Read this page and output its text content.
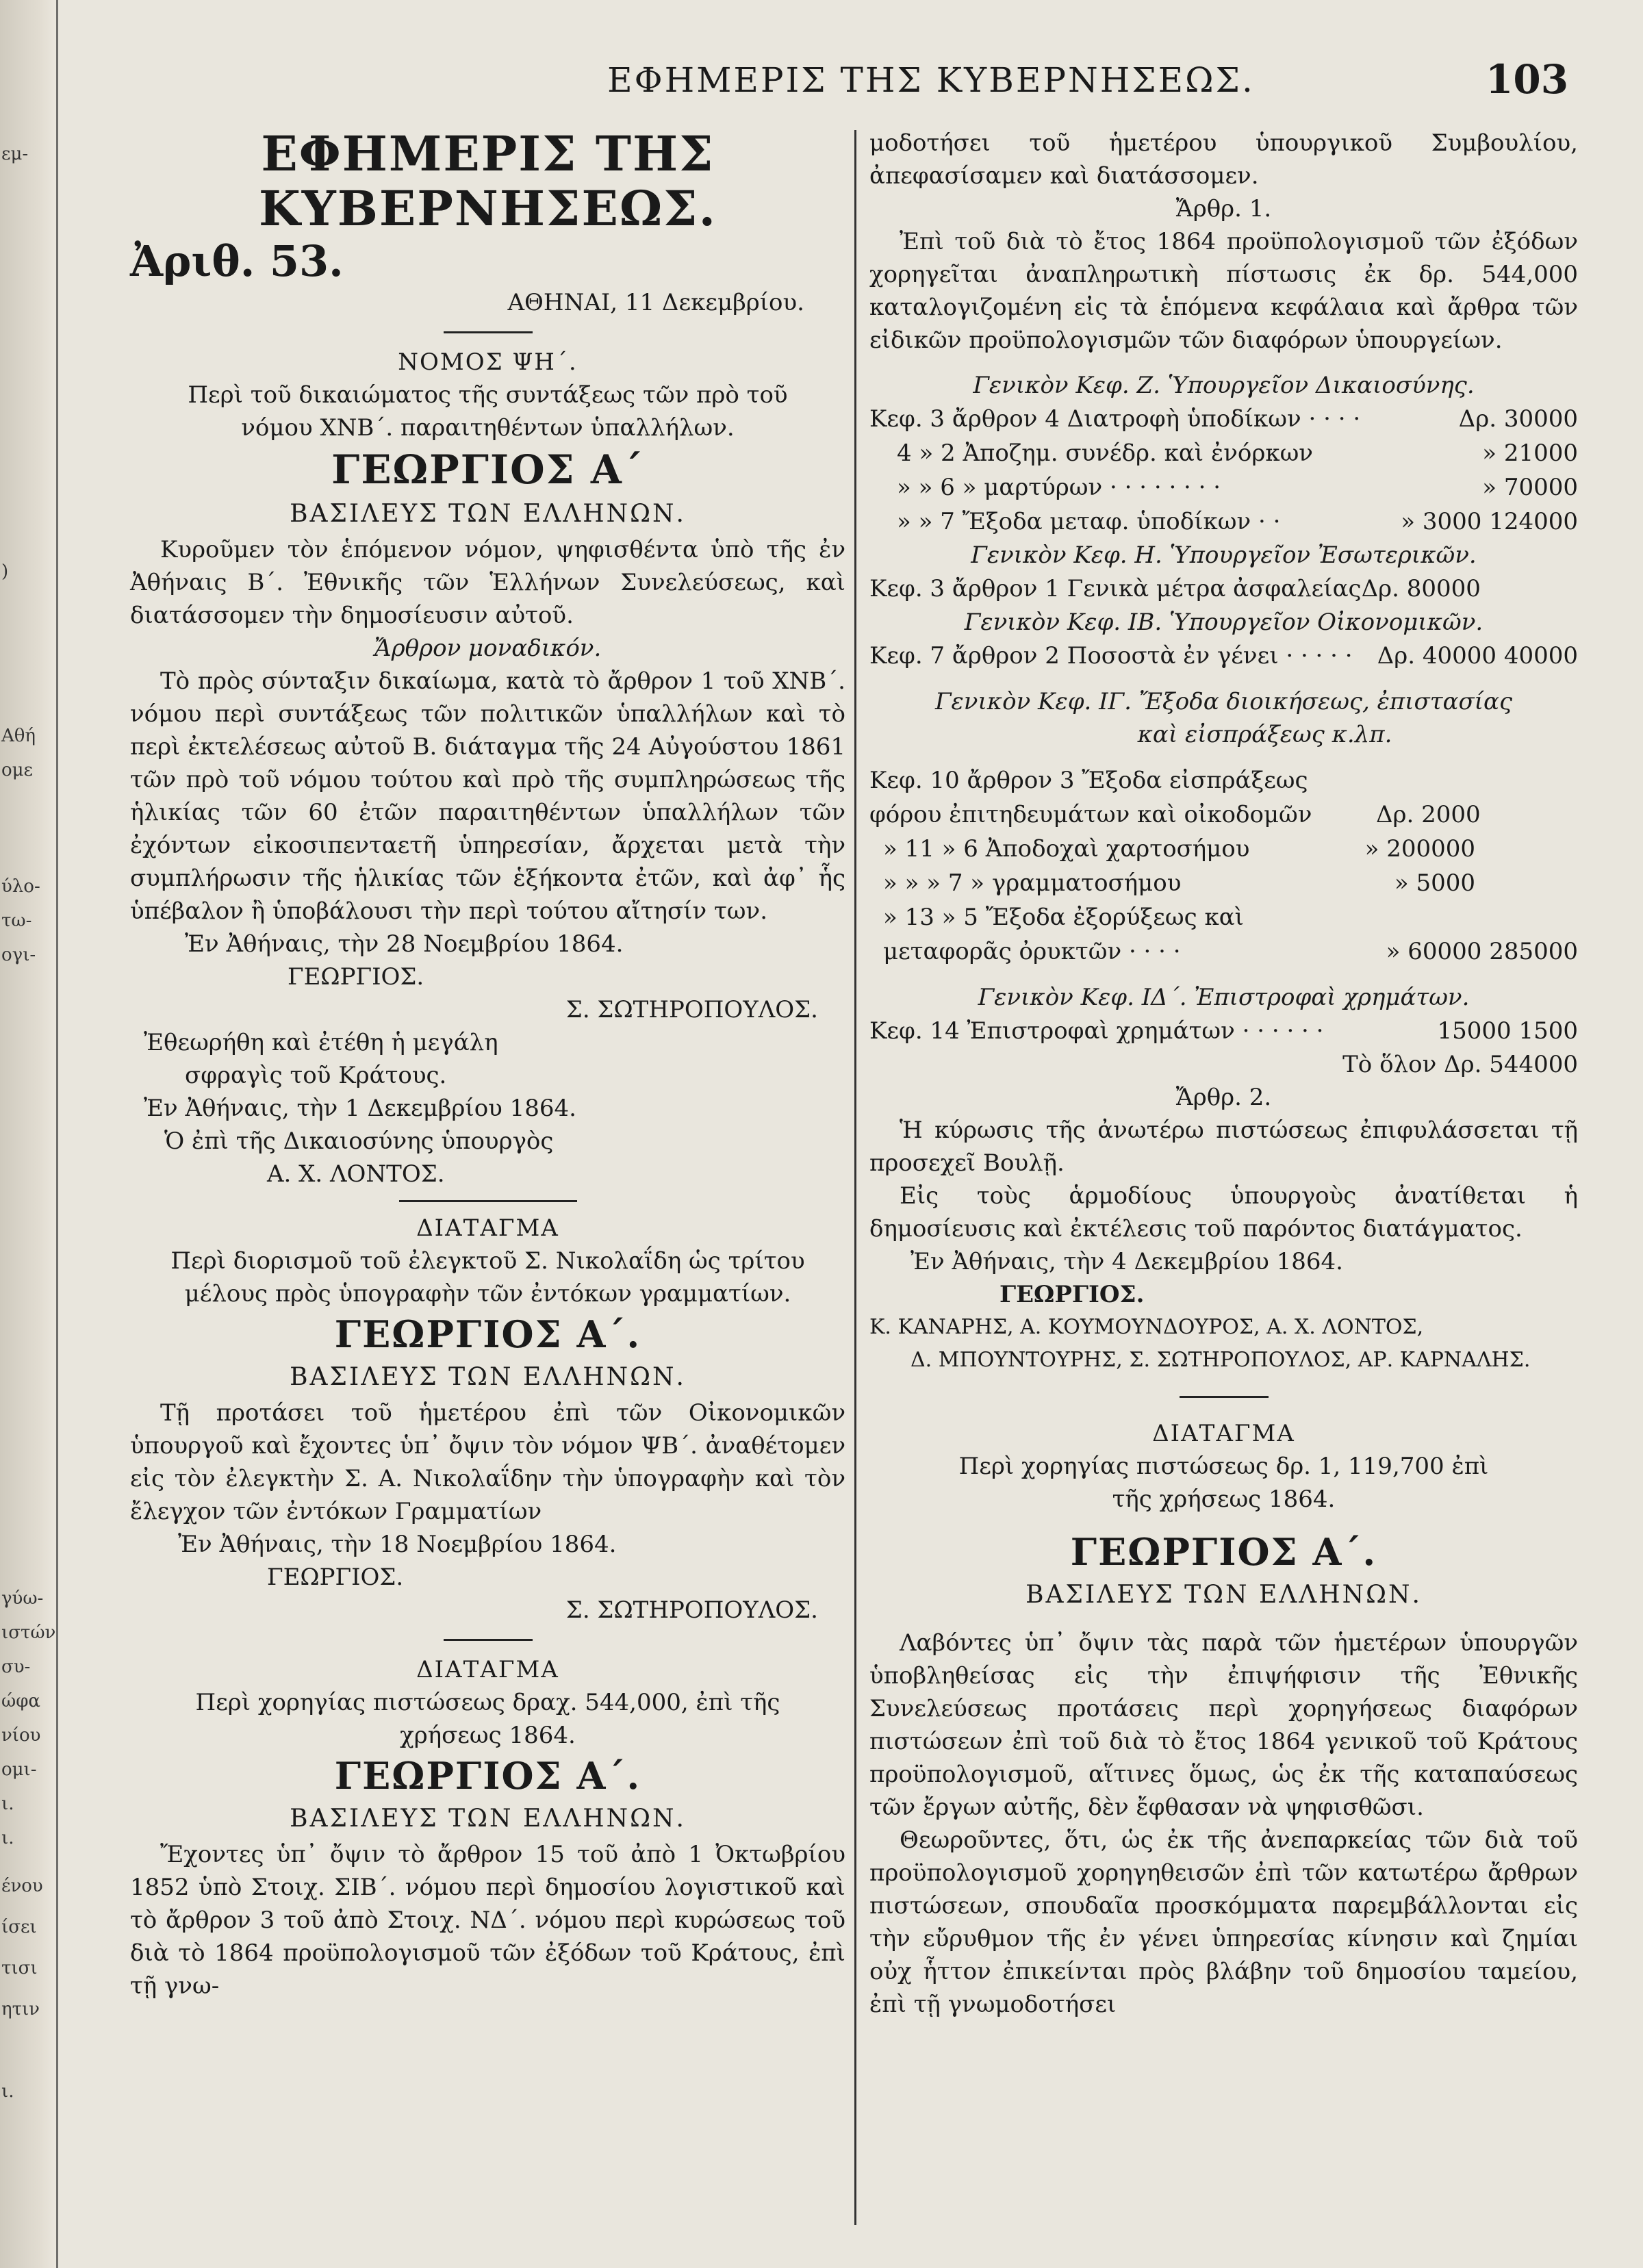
εμ-
)
Αθή
ομε
ύλο-
τω-
ογι-
γύω-
ιστών
συ-
ώφα
νίου
ομι-
ι.
ι.
ένου
ίσει
τισι
ητιν
ι.
ΕΦΗΜΕΡΙΣ ΤΗΣ ΚΥΒΕΡΝΗΣΕΩΣ.	103
ΕΦΗΜΕΡΙΣ ΤΗΣ ΚΥΒΕΡΝΗΣΕΩΣ.
Ἀριθ. 53.
ΑΘΗΝΑΙ, 11 Δεκεμβρίου.
ΝΟΜΟΣ ΨΗ΄.
Περὶ τοῦ δικαιώματος τῆς συντάξεως τῶν πρὸ τοῦ νόμου ΧΝΒ΄. παραιτηθέντων ὑπαλλήλων.
ΓΕΩΡΓΙΟΣ Α΄
ΒΑΣΙΛΕΥΣ ΤΩΝ ΕΛΛΗΝΩΝ.

Κυροῦμεν τὸν ἑπόμενον νόμον, ψηφισθέντα ὑπὸ τῆς ἐν Ἀθήναις Β΄. Ἐθνικῆς τῶν Ἑλλήνων Συνελεύσεως, καὶ διατάσσομεν τὴν δημοσίευσιν αὐτοῦ.

Ἄρθρον μοναδικόν.

Τὸ πρὸς σύνταξιν δικαίωμα, κατὰ τὸ ἄρθρον 1 τοῦ ΧΝΒ΄. νόμου περὶ συντάξεως τῶν πολιτικῶν ὑπαλλήλων καὶ τὸ περὶ ἐκτελέσεως αὐτοῦ Β. διάταγμα τῆς 24 Αὐγούστου 1861 τῶν πρὸ τοῦ νόμου τούτου καὶ πρὸ τῆς συμπληρώσεως τῆς ἡλικίας τῶν 60 ἐτῶν παραιτηθέντων ὑπαλλήλων τῶν ἐχόντων εἰκοσιπενταετῆ ὑπηρεσίαν, ἄρχεται μετὰ τὴν συμπλήρωσιν τῆς ἡλικίας τῶν ἑξήκοντα ἐτῶν, καὶ ἀφ᾿ ἧς ὑπέβαλον ἢ ὑποβάλουσι τὴν περὶ τούτου αἴτησίν των.

Ἐν Ἀθήναις, τὴν 28 Νοεμβρίου 1864.
ΓΕΩΡΓΙΟΣ.
Σ. ΣΩΤΗΡΟΠΟΥΛΟΣ.
Ἐθεωρήθη καὶ ἐτέθη ἡ μεγάλη
σφραγὶς τοῦ Κράτους.
Ἐν Ἀθήναις, τὴν 1 Δεκεμβρίου 1864.
Ὁ ἐπὶ τῆς Δικαιοσύνης ὑπουργὸς
Α. Χ. ΛΟΝΤΟΣ.
ΔΙΑΤΑΓΜΑ
Περὶ διορισμοῦ τοῦ ἐλεγκτοῦ Σ. Νικολαΐδη ὡς τρίτου μέλους πρὸς ὑπογραφὴν τῶν ἐντόκων γραμματίων.
ΓΕΩΡΓΙΟΣ Α΄.
ΒΑΣΙΛΕΥΣ ΤΩΝ ΕΛΛΗΝΩΝ.

Τῇ προτάσει τοῦ ἡμετέρου ἐπὶ τῶν Οἰκονομικῶν ὑπουργοῦ καὶ ἔχοντες ὑπ᾿ ὄψιν τὸν νόμον ΨΒ΄. ἀναθέτομεν εἰς τὸν ἐλεγκτὴν Σ. Α. Νικολαΐδην τὴν ὑπογραφὴν καὶ τὸν ἔλεγχον τῶν ἐντόκων Γραμματίων

Ἐν Ἀθήναις, τὴν 18 Νοεμβρίου 1864.
ΓΕΩΡΓΙΟΣ.
Σ. ΣΩΤΗΡΟΠΟΥΛΟΣ.
ΔΙΑΤΑΓΜΑ
Περὶ χορηγίας πιστώσεως δραχ. 544,000, ἐπὶ τῆς χρήσεως 1864.
ΓΕΩΡΓΙΟΣ Α΄.
ΒΑΣΙΛΕΥΣ ΤΩΝ ΕΛΛΗΝΩΝ.

Ἔχοντες ὑπ᾿ ὄψιν τὸ ἄρθρον 15 τοῦ ἀπὸ 1 Ὀκτωβρίου 1852 ὑπὸ Στοιχ. ΣΙΒ΄. νόμου περὶ δημοσίου λογιστικοῦ καὶ τὸ ἄρθρον 3 τοῦ ἀπὸ Στοιχ. ΝΔ΄. νόμου περὶ κυρώσεως τοῦ διὰ τὸ 1864 προϋπολογισμοῦ τῶν ἐξόδων τοῦ Κράτους, ἐπὶ τῇ γνω-

μοδοτήσει τοῦ ἡμετέρου ὑπουργικοῦ Συμβουλίου, ἀπεφασίσαμεν καὶ διατάσσομεν.

Ἄρθρ. 1.

Ἐπὶ τοῦ διὰ τὸ ἔτος 1864 προϋπολογισμοῦ τῶν ἐξόδων χορηγεῖται ἀναπληρωτικὴ πίστωσις ἐκ δρ. 544,000 καταλογιζομένη εἰς τὰ ἑπόμενα κεφάλαια καὶ ἄρθρα τῶν εἰδικῶν προϋπολογισμῶν τῶν διαφόρων ὑπουργείων.

Γενικὸν Κεφ. Ζ. Ὑπουργεῖον Δικαιοσύνης.
Κεφ. 3 ἄρθρον 4 Διατροφὴ ὑποδίκων · · · ·	Δρ. 30000
4 » 2 Ἀποζημ. συνέδρ. καὶ ἐνόρκων	» 21000
» » 6 » μαρτύρων · · · · · · · ·	» 70000
» » 7 Ἔξοδα μεταφ. ὑποδίκων · ·	» 3000 124000
Γενικὸν Κεφ. Η. Ὑπουργεῖον Ἐσωτερικῶν.
Κεφ. 3 ἄρθρον 1 Γενικὰ μέτρα ἀσφαλείας Δρ. 80000
Γενικὸν Κεφ. ΙΒ. Ὑπουργεῖον Οἰκονομικῶν.
Κεφ. 7 ἄρθρον 2 Ποσοστὰ ἐν γένει · · · · · Δρ. 40000 40000
Γενικὸν Κεφ. ΙΓ. Ἔξοδα διοικήσεως, ἐπιστασίας
καὶ εἰσπράξεως κ.λπ.
Κεφ. 10 ἄρθρον 3 Ἔξοδα εἰσπράξεως φόρου ἐπιτηδευμάτων καὶ οἰκοδομῶν	Δρ. 2000
» 11 » 6 Ἀποδοχαὶ χαρτοσήμου	» 200000
» » » 7 » γραμματοσήμου	» 5000
» 13 » 5 Ἔξοδα ἐξορύξεως καὶ μεταφορᾶς ὀρυκτῶν · · · ·	» 60000 285000
Γενικὸν Κεφ. ΙΔ΄. Ἐπιστροφαὶ χρημάτων.
Κεφ. 14 Ἐπιστροφαὶ χρημάτων · · · · · ·	15000 1500
Τὸ ὅλον Δρ. 544000
Ἄρθρ. 2.

Ἡ κύρωσις τῆς ἀνωτέρω πιστώσεως ἐπιφυλάσσεται τῇ προσεχεῖ Βουλῇ.

Εἰς τοὺς ἁρμοδίους ὑπουργοὺς ἀνατίθεται ἡ δημοσίευσις καὶ ἐκτέλεσις τοῦ παρόντος διατάγματος.

Ἐν Ἀθήναις, τὴν 4 Δεκεμβρίου 1864.
ΓΕΩΡΓΙΟΣ.
Κ. ΚΑΝΑΡΗΣ, Α. ΚΟΥΜΟΥΝΔΟΥΡΟΣ, Α. Χ. ΛΟΝΤΟΣ,
Δ. ΜΠΟΥΝΤΟΥΡΗΣ, Σ. ΣΩΤΗΡΟΠΟΥΛΟΣ, ΑΡ. ΚΑΡΝΑΛΗΣ.
ΔΙΑΤΑΓΜΑ
Περὶ χορηγίας πιστώσεως δρ. 1, 119,700 ἐπὶ τῆς χρήσεως 1864.
ΓΕΩΡΓΙΟΣ Α΄.
ΒΑΣΙΛΕΥΣ ΤΩΝ ΕΛΛΗΝΩΝ.

Λαβόντες ὑπ᾿ ὄψιν τὰς παρὰ τῶν ἡμετέρων ὑπουργῶν ὑποβληθείσας εἰς τὴν ἐπιψήφισιν τῆς Ἐθνικῆς Συνελεύσεως προτάσεις περὶ χορηγήσεως διαφόρων πιστώσεων ἐπὶ τοῦ διὰ τὸ ἔτος 1864 γενικοῦ τοῦ Κράτους προϋπολογισμοῦ, αἵτινες ὅμως, ὡς ἐκ τῆς καταπαύσεως τῶν ἔργων αὐτῆς, δὲν ἔφθασαν νὰ ψηφισθῶσι.

Θεωροῦντες, ὅτι, ὡς ἐκ τῆς ἀνεπαρκείας τῶν διὰ τοῦ προϋπολογισμοῦ χορηγηθεισῶν ἐπὶ τῶν κατωτέρω ἄρθρων πιστώσεων, σπουδαῖα προσκόμματα παρεμβάλλονται εἰς τὴν εὔρυθμον τῆς ἐν γένει ὑπηρεσίας κίνησιν καὶ ζημίαι οὐχ ἧττον ἐπικείνται πρὸς βλάβην τοῦ δημοσίου ταμείου, ἐπὶ τῇ γνωμοδοτήσει
